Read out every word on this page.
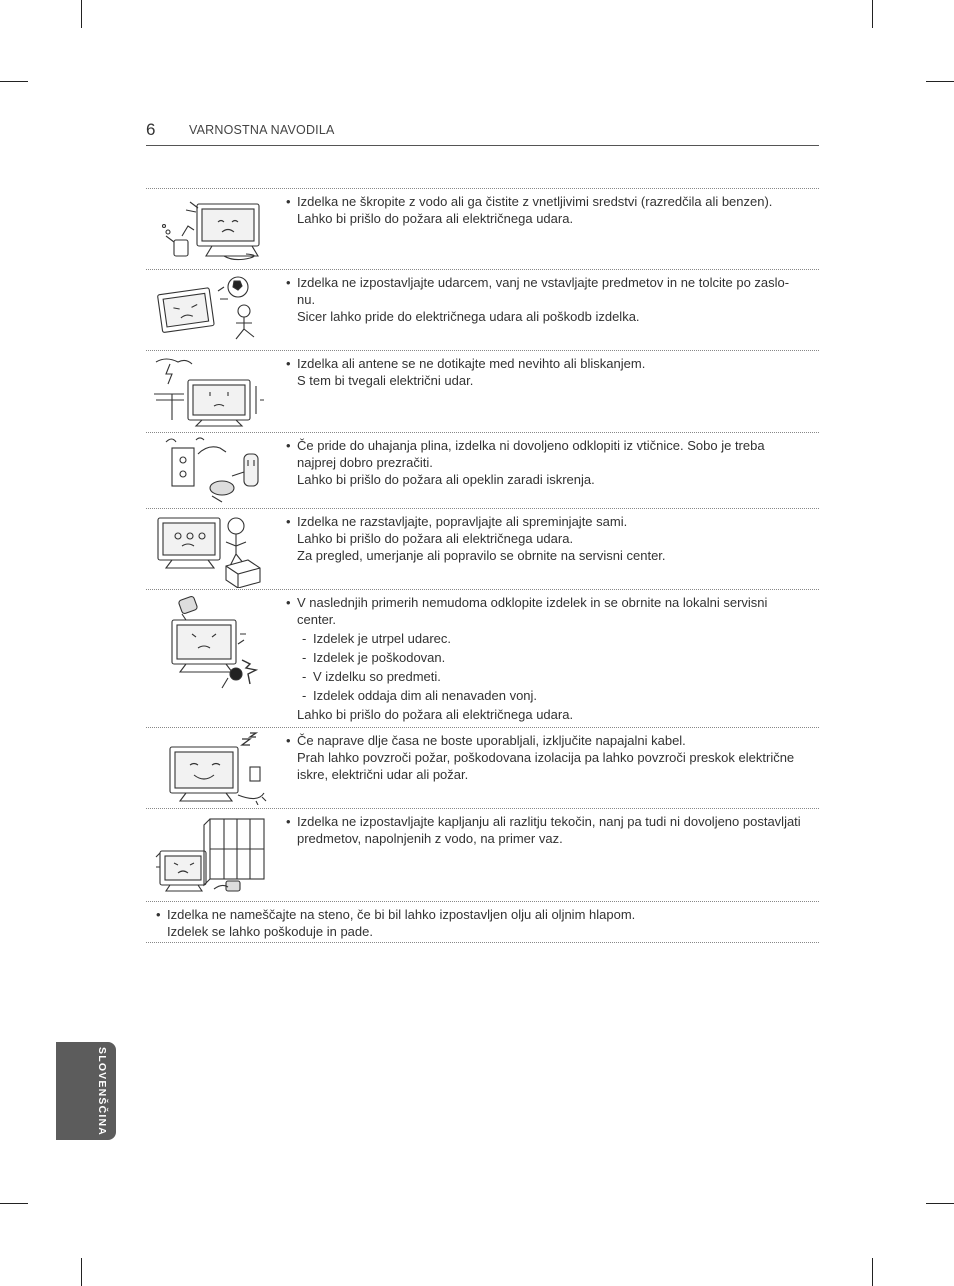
6	VARNOSTNA NAVODILA
• Izdelka ne škropite z vodo ali ga čistite z vnetljivimi sredstvi (razredčila ali benzen).
Lahko bi prišlo do požara ali električnega udara.
• Izdelka ne izpostavljajte udarcem, vanj ne vstavljajte predmetov in ne tolcite po zaslo-
nu.
Sicer lahko pride do električnega udara ali poškodb izdelka.
• Izdelka ali antene se ne dotikajte med nevihto ali bliskanjem.
S tem bi tvegali električni udar.
• Če pride do uhajanja plina, izdelka ni dovoljeno odklopiti iz vtičnice. Sobo je treba
najprej dobro prezračiti.
Lahko bi prišlo do požara ali opeklin zaradi iskrenja.
• Izdelka ne razstavljajte, popravljajte ali spreminjajte sami.
Lahko bi prišlo do požara ali električnega udara.
Za pregled, umerjanje ali popravilo se obrnite na servisni center.
• V naslednjih primerih nemudoma odklopite izdelek in se obrnite na lokalni servisni
center.
- Izdelek je utrpel udarec.
- Izdelek je poškodovan.
- V izdelku so predmeti.
- Izdelek oddaja dim ali nenavaden vonj.
Lahko bi prišlo do požara ali električnega udara.
• Če naprave dlje časa ne boste uporabljali, izključite napajalni kabel.
Prah lahko povzroči požar, poškodovana izolacija pa lahko povzroči preskok električne
iskre, električni udar ali požar.
• Izdelka ne izpostavljajte kapljanju ali razlitju tekočin, nanj pa tudi ni dovoljeno postavljati
predmetov, napolnjenih z vodo, na primer vaz.
• Izdelka ne nameščajte na steno, če bi bil lahko izpostavljen olju ali oljnim hlapom.
Izdelek se lahko poškoduje in pade.
SLOVENŠČINA
